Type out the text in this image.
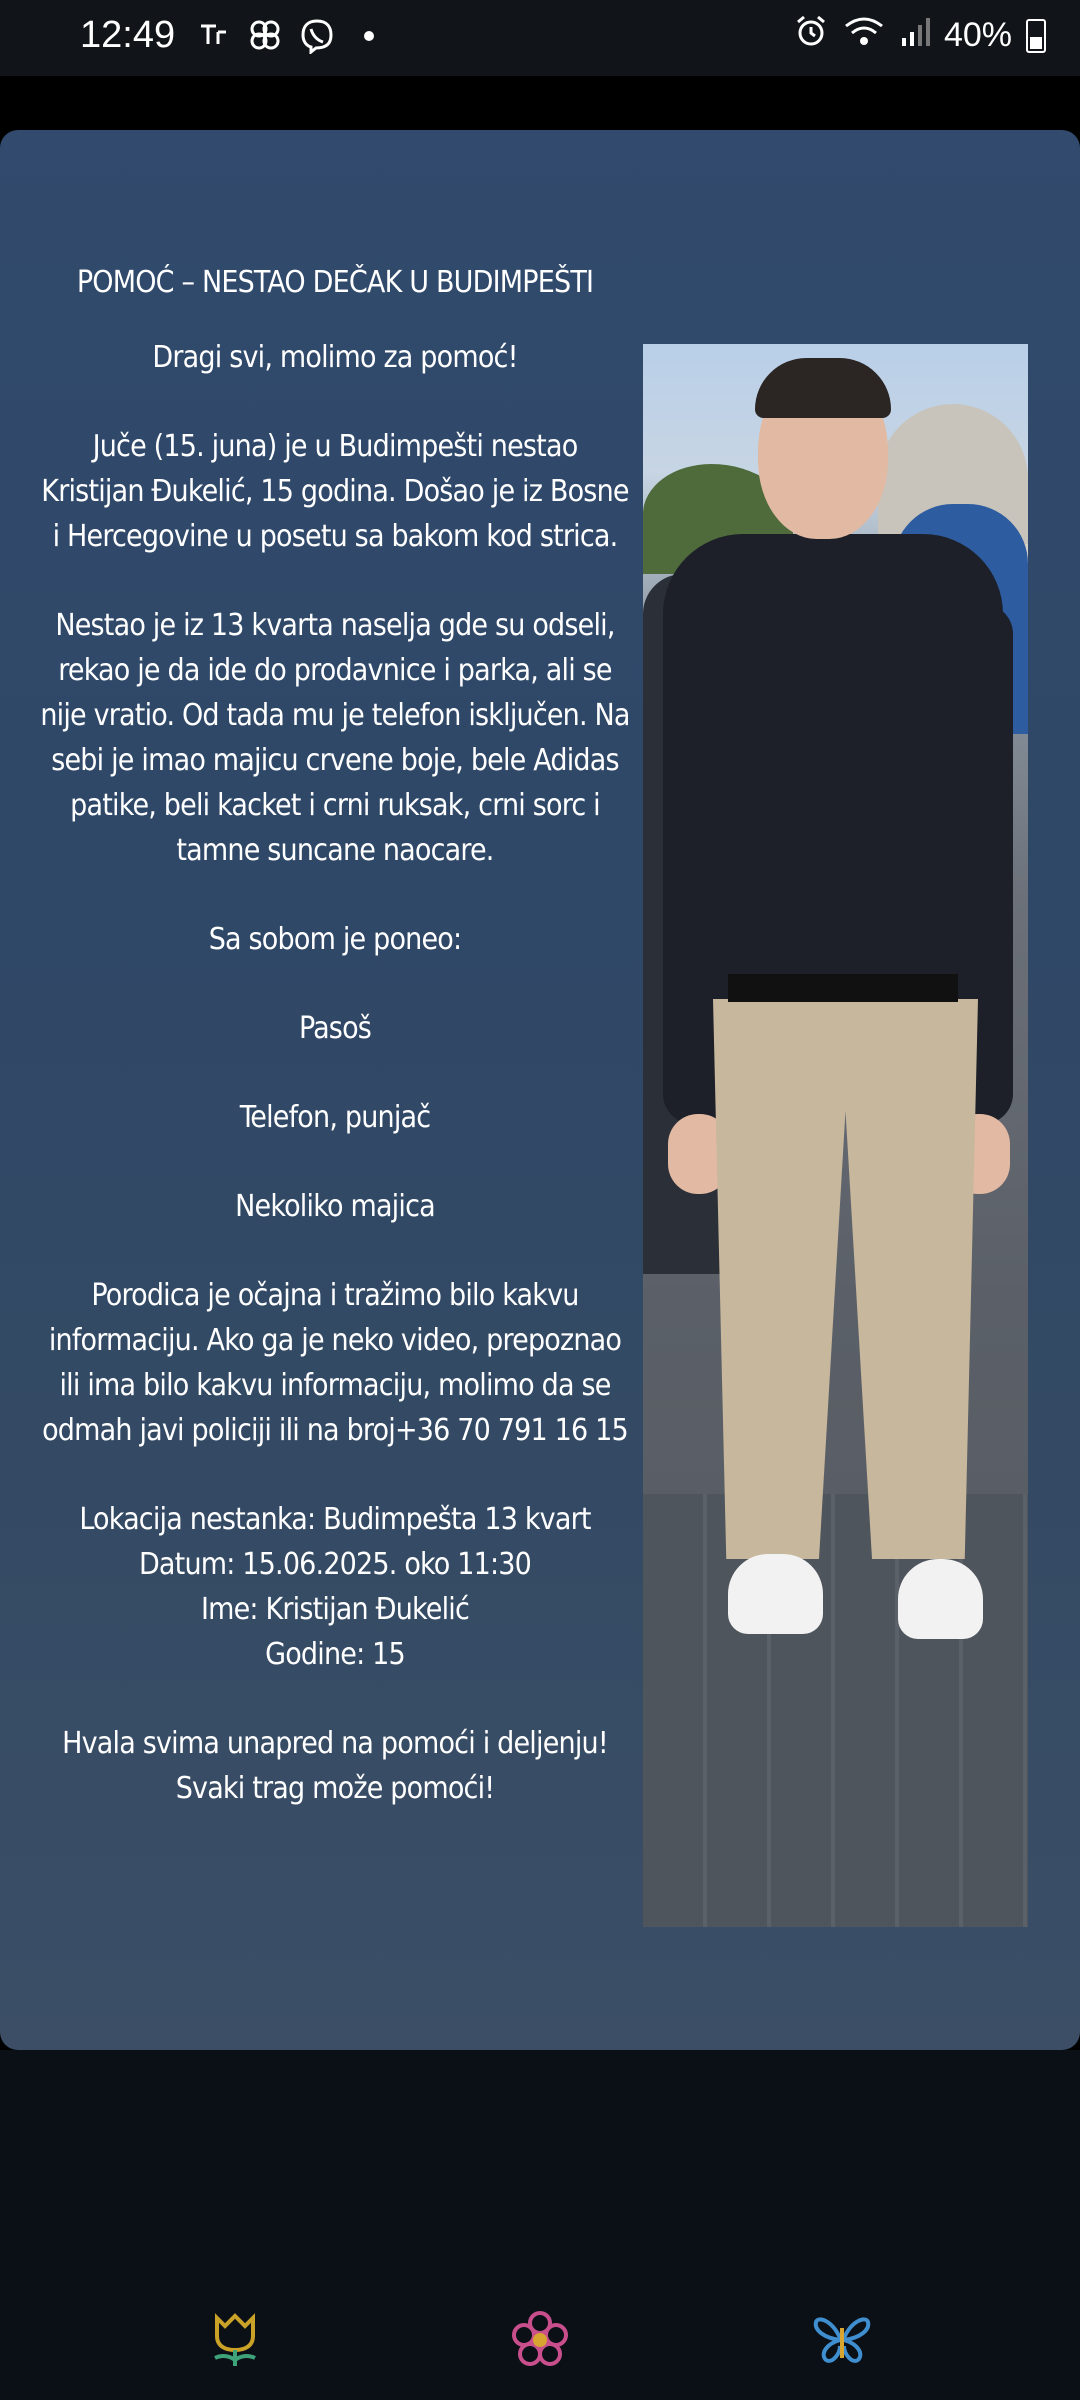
12:49	40%
POMOĆ – NESTAO DEČAK U BUDIMPEŠTI

Dragi svi, molimo za pomoć!

Juče (15. juna) je u Budimpešti nestao Kristijan Đukelić, 15 godina. Došao je iz Bosne i Hercegovine u posetu sa bakom kod strica.

Nestao je iz 13 kvarta naselja gde su odseli, rekao je da ide do prodavnice i parka, ali se nije vratio. Od tada mu je telefon isključen. Na sebi je imao majicu crvene boje, bele Adidas patike, beli kacket i crni ruksak, crni sorc i tamne suncane naocare.

Sa sobom je poneo:

Pasoš

Telefon, punjač

Nekoliko majica

Porodica je očajna i tražimo bilo kakvu informaciju. Ako ga je neko video, prepoznao ili ima bilo kakvu informaciju, molimo da se odmah javi policiji ili na broj+36 70 791 16 15

Lokacija nestanka: Budimpešta 13 kvart

Datum: 15.06.2025. oko 11:30

Ime: Kristijan Đukelić

Godine: 15

Hvala svima unapred na pomoći i deljenju!

Svaki trag može pomoći!
